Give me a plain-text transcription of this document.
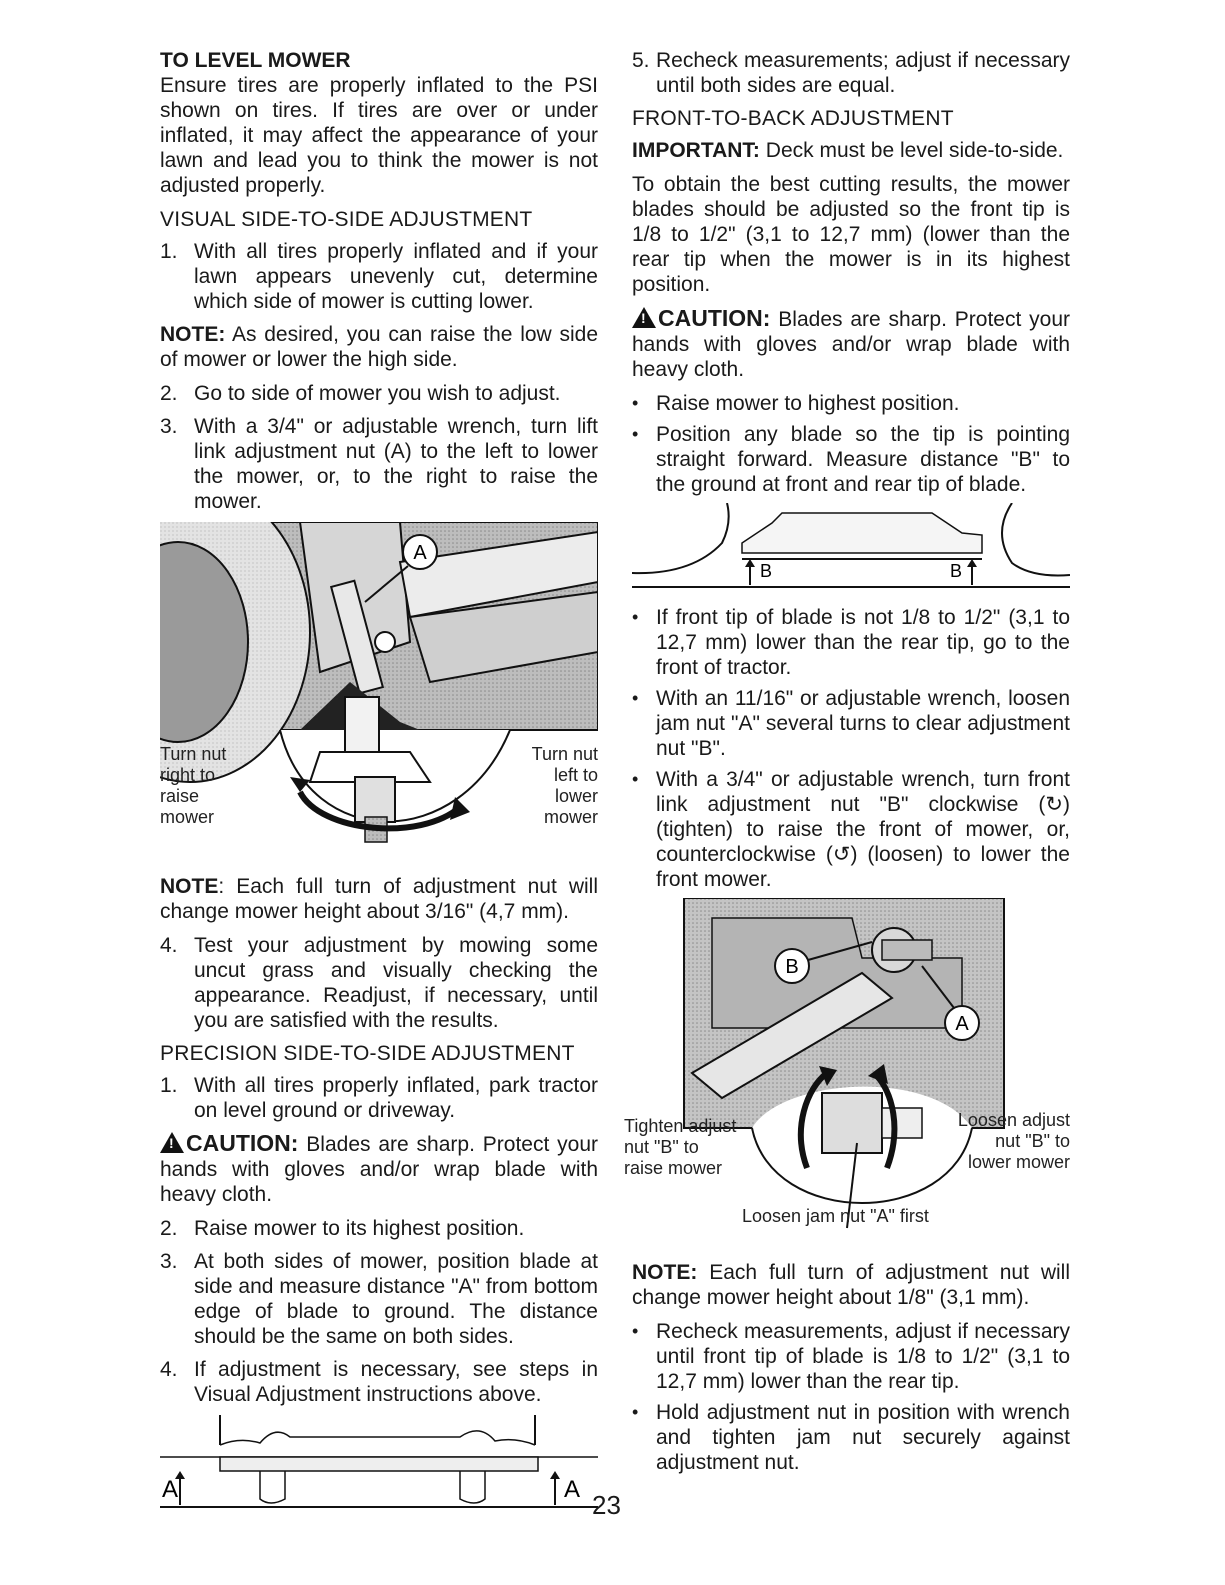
TO LEVEL MOWER

Ensure tires are properly inflated to the PSI shown on tires. If tires are over or under inflated, it may affect the appearance of your lawn and lead you to think the mower is not adjusted properly.

VISUAL SIDE-TO-SIDE ADJUSTMENT
1. With all tires properly inflated and if your lawn appears unevenly cut, determine which side of mower is cutting lower.

NOTE: As desired, you can raise the low side of mower or lower the high side.

2. Go to side of mower you wish to adjust.
3. With a 3/4" or adjustable wrench, turn lift link adjustment nut (A) to the left to lower the mower, or, to the right to raise the mower.
A
Turn nut
right to
raise
mower
Turn nut
left to
lower
mower

NOTE: Each full turn of adjustment nut will change mower height about 3/16" (4,7 mm).

4. Test your adjustment by mowing some uncut grass and visually checking the appearance. Readjust, if necessary, until you are satisfied with the results.
PRECISION SIDE-TO-SIDE ADJUSTMENT
1. With all tires properly inflated, park tractor on level ground or driveway.

!CAUTION: Blades are sharp. Protect your hands with gloves and/or wrap blade with heavy cloth.

2. Raise mower to its highest position.
3. At both sides of mower, position blade at side and measure distance "A" from bottom edge of blade to ground. The distance should be the same on both sides.
4. If adjustment is necessary, see steps in Visual Adjustment instructions above.
A	A
5. Recheck measurements; adjust if necessary until both sides are equal.
FRONT-TO-BACK ADJUSTMENT

IMPORTANT: Deck must be level side-to-side.

To obtain the best cutting results, the mower blades should be adjusted so the front tip is 1/8 to 1/2" (3,1 to 12,7 mm) (lower than the rear tip when the mower is in its highest position.

!CAUTION: Blades are sharp. Protect your hands with gloves and/or wrap blade with heavy cloth.

• Raise mower to highest position.
• Position any blade so the tip is pointing straight forward. Measure distance "B" to the ground at front and rear tip of blade.
B	B
• If front tip of blade is not 1/8 to 1/2" (3,1 to 12,7 mm) lower than the rear tip, go to the front of tractor.
• With an 11/16" or adjustable wrench, loosen jam nut "A" several turns to clear adjustment nut "B".
• With a 3/4" or adjustable wrench, turn front link adjustment nut "B" clockwise (↻) (tighten) to raise the front of mower, or, counterclockwise (↺) (loosen) to lower the front mower.
B
A
Tighten adjust
nut "B" to
raise mower
Loosen adjust
nut "B" to
lower mower
Loosen jam nut "A" first

NOTE: Each full turn of adjustment nut will change mower height about 1/8" (3,1 mm).

• Recheck measurements, adjust if necessary until front tip of blade is 1/8 to 1/2" (3,1 to 12,7 mm) lower than the rear tip.
• Hold adjustment nut in position with wrench and tighten jam nut securely against adjustment nut.
23
